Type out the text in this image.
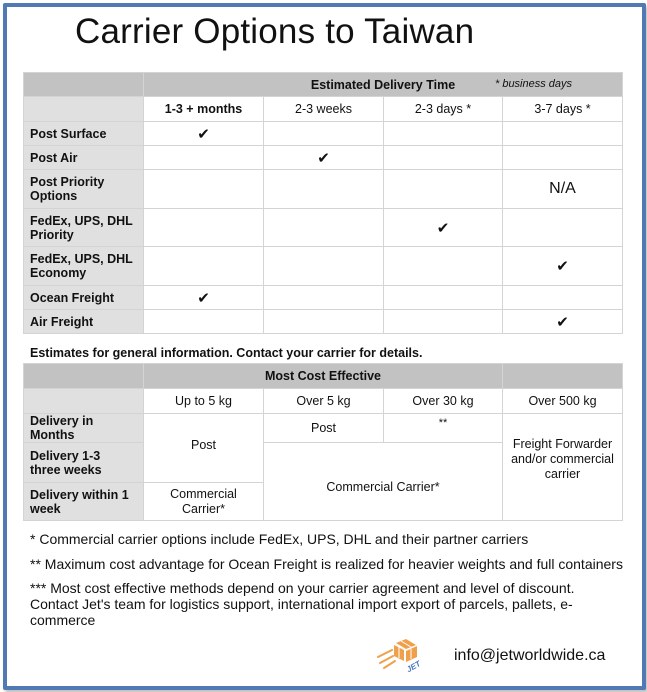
Carrier Options to Taiwan
	Estimated Delivery Time * business days			

	1-3 + months	2-3 weeks	2-3 days *	3-7 days *
Post Surface	✔			
Post Air		✔		
Post Priority Options				N/A
FedEx, UPS, DHL Priority			✔	
FedEx, UPS, DHL Economy				✔
Ocean Freight	✔			
Air Freight				✔
Estimates for general information. Contact your carrier for details.
	Most Cost Effective			
	Up to 5 kg	Over 5 kg	Over 30 kg	Over 500 kg
Delivery in Months	Post	Post	**	Freight Forwarder and/or commercial carrier

Delivery 1-3 three weeks		Commercial Carrier*		
Delivery within 1 week	Commercial Carrier*			
* Commercial carrier options include FedEx, UPS, DHL and their partner carriers
** Maximum cost advantage for Ocean Freight is realized for heavier weights and full containers
*** Most cost effective methods depend on your carrier agreement and level of discount. Contact Jet's team for logistics support, international import export of parcels, pallets, e-commerce
JET
info@jetworldwide.ca
